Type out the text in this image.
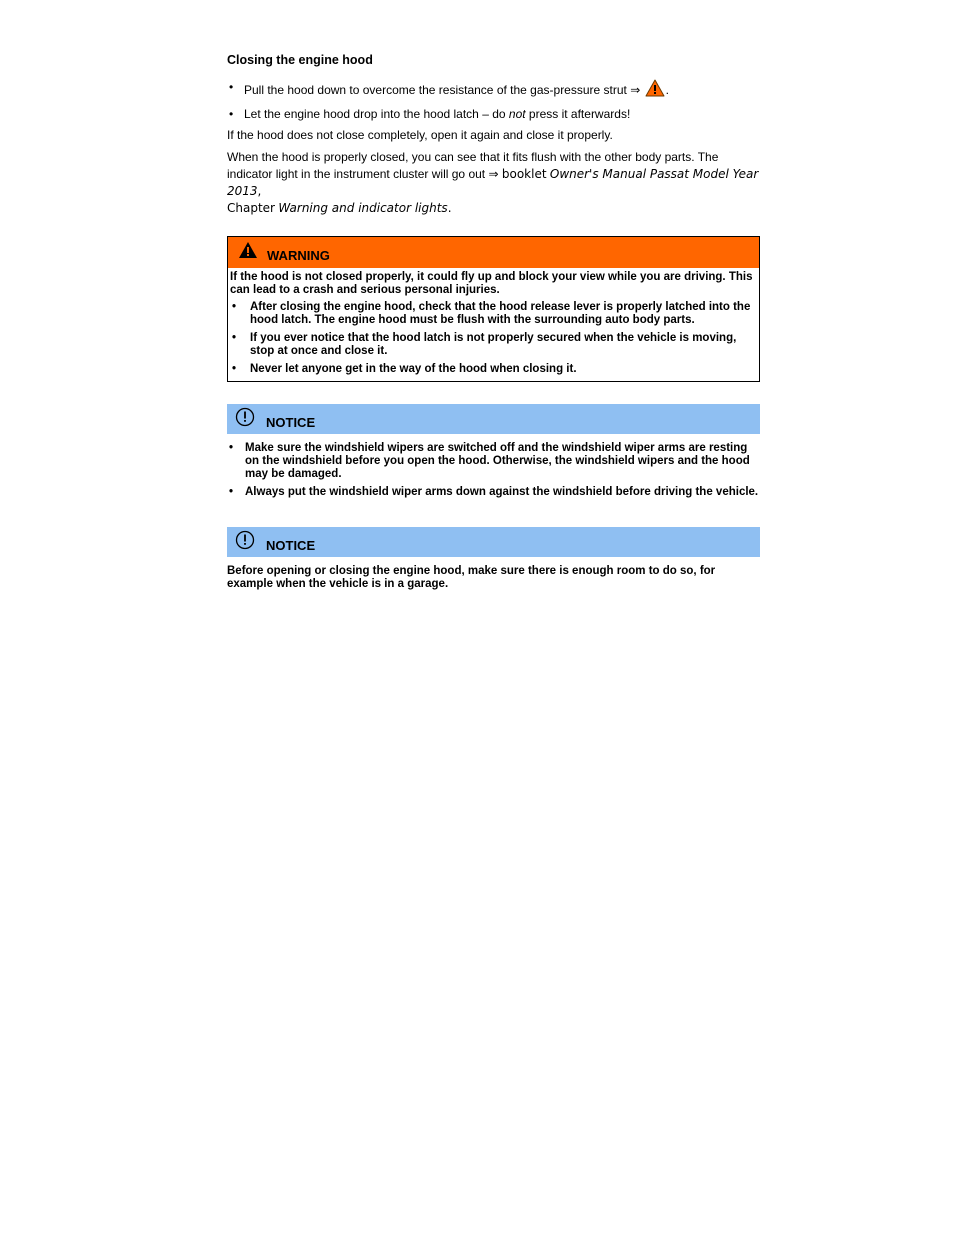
Closing the engine hood
• Pull the hood down to overcome the resistance of the gas-pressure strut ⇒ .
• Let the engine hood drop into the hood latch – do not press it afterwards!

If the hood does not close completely, open it again and close it properly.

When the hood is properly closed, you can see that it fits flush with the other body parts. The indicator light in the instrument cluster will go out ⇒ booklet Owner's Manual Passat Model Year 2013,
Chapter Warning and indicator lights.

WARNING

If the hood is not closed properly, it could fly up and block your view while you are driving. This can lead to a crash and serious personal injuries.

• After closing the engine hood, check that the hood release lever is properly latched into the hood latch. The engine hood must be flush with the surrounding auto body parts.
• If you ever notice that the hood latch is not properly secured when the vehicle is moving, stop at once and close it.
• Never let anyone get in the way of the hood when closing it.
NOTICE
• Make sure the windshield wipers are switched off and the windshield wiper arms are resting on the windshield before you open the hood. Otherwise, the windshield wipers and the hood may be damaged.
• Always put the windshield wiper arms down against the windshield before driving the vehicle.
NOTICE

Before opening or closing the engine hood, make sure there is enough room to do so, for example when the vehicle is in a garage.
